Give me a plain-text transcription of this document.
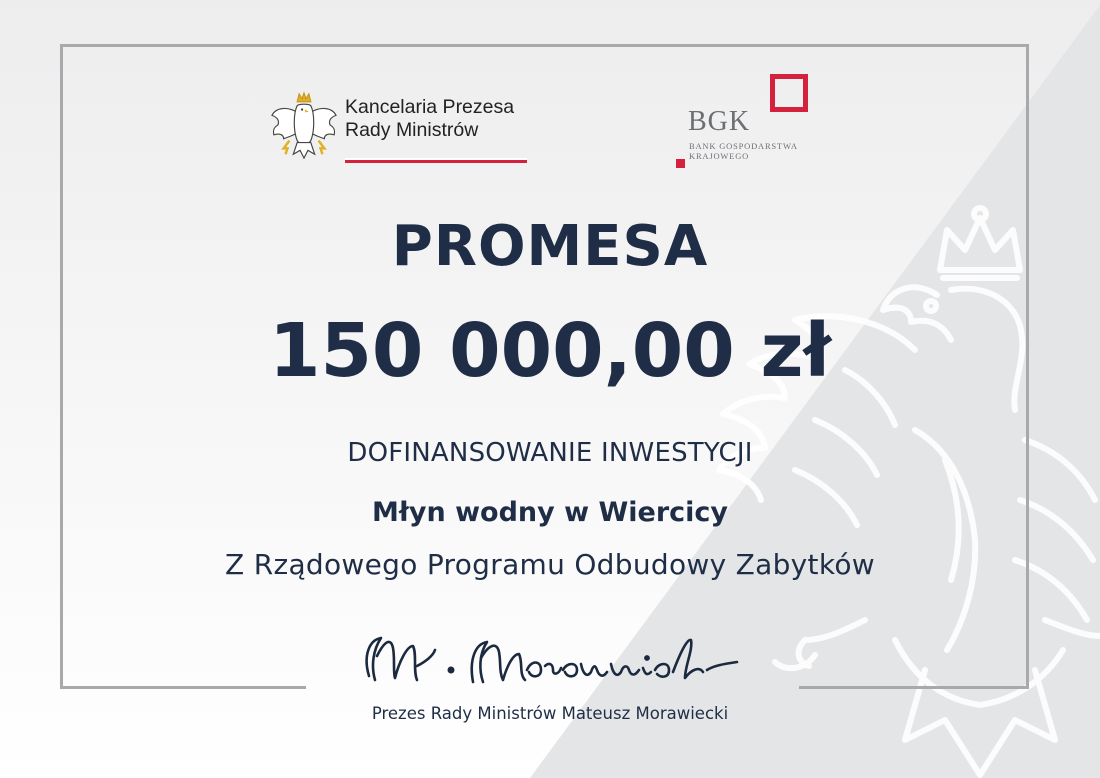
Kancelaria Prezesa
Rady Ministrów	BGK
BANK GOSPODARSTWA
KRAJOWEGO
PROMESA
150 000,00 zł
DOFINANSOWANIE INWESTYCJI
Młyn wodny w Wiercicy
Z Rządowego Programu Odbudowy Zabytków
Prezes Rady Ministrów Mateusz Morawiecki
